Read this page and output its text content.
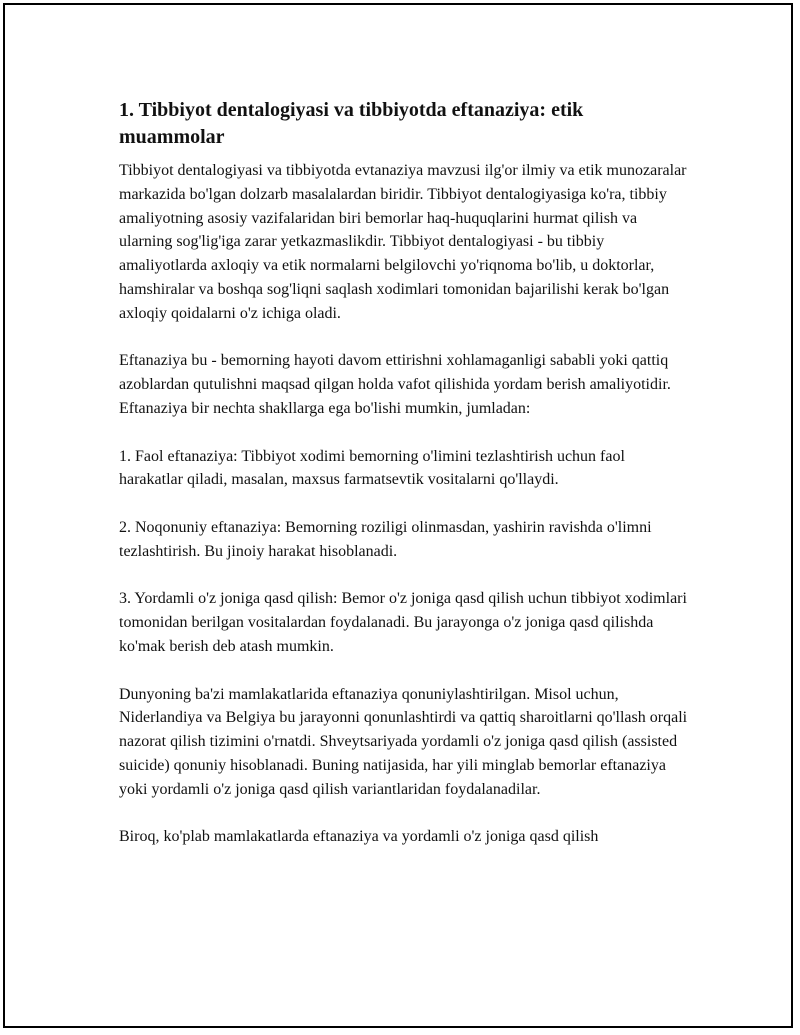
1. Tibbiyot dentalogiyasi va tibbiyotda eftanaziya: etik muammolar

Tibbiyot dentalogiyasi va tibbiyotda evtanaziya mavzusi ilg'or ilmiy va etik munozaralar markazida bo'lgan dolzarb masalalardan biridir. Tibbiyot dentalogiyasiga ko'ra, tibbiy amaliyotning asosiy vazifalaridan biri bemorlar haq-huquqlarini hurmat qilish va ularning sog'lig'iga zarar yetkazmaslikdir. Tibbiyot dentalogiyasi - bu tibbiy amaliyotlarda axloqiy va etik normalarni belgilovchi yo'riqnoma bo'lib, u doktorlar, hamshiralar va boshqa sog'liqni saqlash xodimlari tomonidan bajarilishi kerak bo'lgan axloqiy qoidalarni o'z ichiga oladi.

Eftanaziya bu - bemorning hayoti davom ettirishni xohlamaganligi sababli yoki qattiq azoblardan qutulishni maqsad qilgan holda vafot qilishida yordam berish amaliyotidir. Eftanaziya bir nechta shakllarga ega bo'lishi mumkin, jumladan:

1. Faol eftanaziya: Tibbiyot xodimi bemorning o'limini tezlashtirish uchun faol harakatlar qiladi, masalan, maxsus farmatsevtik vositalarni qo'llaydi.

2. Noqonuniy eftanaziya: Bemorning roziligi olinmasdan, yashirin ravishda o'limni tezlashtirish. Bu jinoiy harakat hisoblanadi.

3. Yordamli o'z joniga qasd qilish: Bemor o'z joniga qasd qilish uchun tibbiyot xodimlari tomonidan berilgan vositalardan foydalanadi. Bu jarayonga o'z joniga qasd qilishda ko'mak berish deb atash mumkin.

Dunyoning ba'zi mamlakatlarida eftanaziya qonuniylashtirilgan. Misol uchun, Niderlandiya va Belgiya bu jarayonni qonunlashtirdi va qattiq sharoitlarni qo'llash orqali nazorat qilish tizimini o'rnatdi. Shveytsariyada yordamli o'z joniga qasd qilish (assisted suicide) qonuniy hisoblanadi. Buning natijasida, har yili minglab bemorlar eftanaziya yoki yordamli o'z joniga qasd qilish variantlaridan foydalanadilar.

Biroq, ko'plab mamlakatlarda eftanaziya va yordamli o'z joniga qasd qilish
